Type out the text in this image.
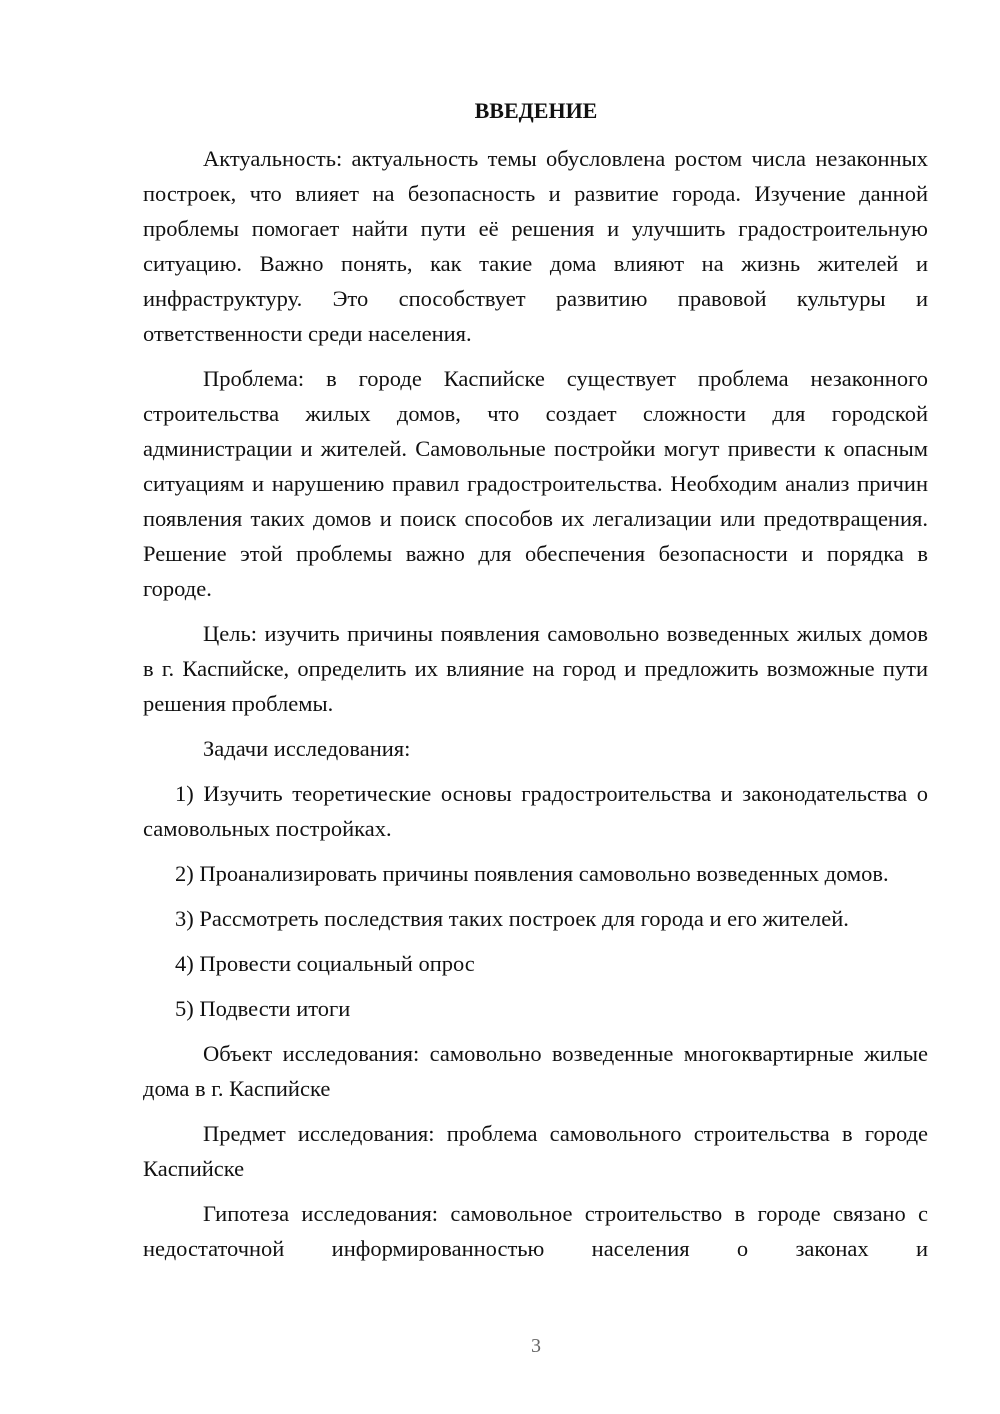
ВВЕДЕНИЕ

Актуальность: актуальность темы обусловлена ростом числа незаконных построек, что влияет на безопасность и развитие города. Изучение данной проблемы помогает найти пути её решения и улучшить градостроительную ситуацию. Важно понять, как такие дома влияют на жизнь жителей и инфраструктуру. Это способствует развитию правовой культуры и ответственности среди населения.

Проблема: в городе Каспийске существует проблема незаконного строительства жилых домов, что создает сложности для городской администрации и жителей. Самовольные постройки могут привести к опасным ситуациям и нарушению правил градостроительства. Необходим анализ причин появления таких домов и поиск способов их легализации или предотвращения. Решение этой проблемы важно для обеспечения безопасности и порядка в городе.

Цель: изучить причины появления самовольно возведенных жилых домов в г. Каспийске, определить их влияние на город и предложить возможные пути решения проблемы.

Задачи исследования:

1) Изучить теоретические основы градостроительства и законодательства о самовольных постройках.

2) Проанализировать причины появления самовольно возведенных домов.

3) Рассмотреть последствия таких построек для города и его жителей.

4) Провести социальный опрос

5) Подвести итоги

Объект исследования: самовольно возведенные многоквартирные жилые дома в г. Каспийске

Предмет исследования: проблема самовольного строительства в городе Каспийске

Гипотеза исследования: самовольное строительство в городе связано с недостаточной информированностью населения о законах и

3
